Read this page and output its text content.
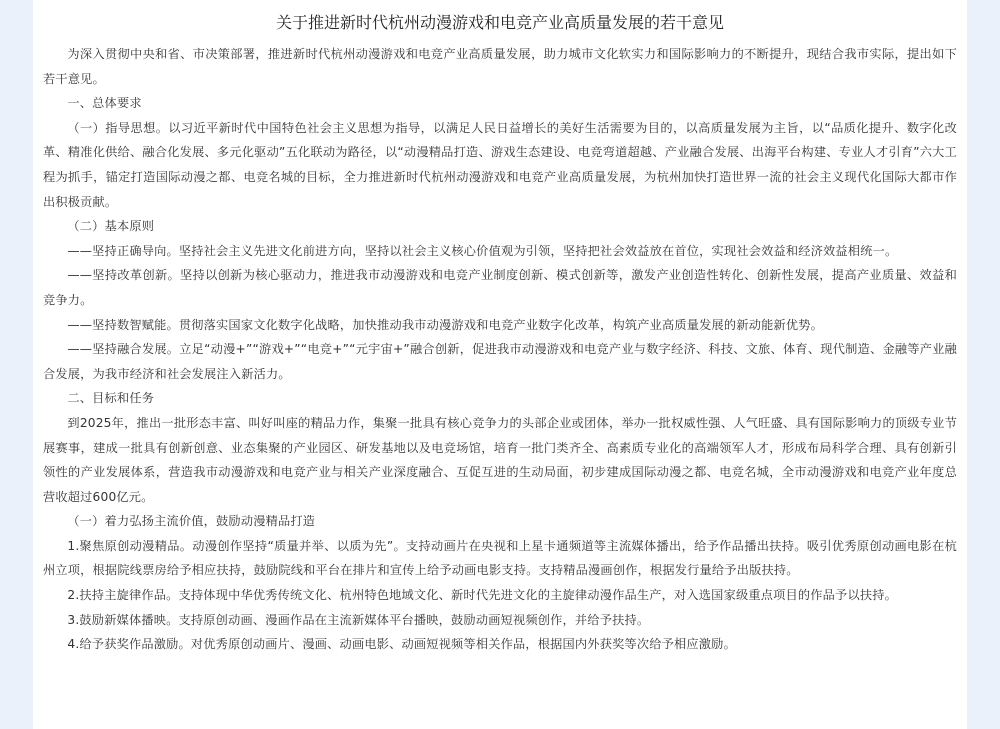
关于推进新时代杭州动漫游戏和电竞产业高质量发展的若干意见

为深入贯彻中央和省、市决策部署，推进新时代杭州动漫游戏和电竞产业高质量发展，助力城市文化软实力和国际影响力的不断提升，现结合我市实际，提出如下若干意见。

一、总体要求

（一）指导思想。以习近平新时代中国特色社会主义思想为指导，以满足人民日益增长的美好生活需要为目的，以高质量发展为主旨，以“品质化提升、数字化改革、精准化供给、融合化发展、多元化驱动”五化联动为路径，以“动漫精品打造、游戏生态建设、电竞弯道超越、产业融合发展、出海平台构建、专业人才引育”六大工程为抓手，锚定打造国际动漫之都、电竞名城的目标，全力推进新时代杭州动漫游戏和电竞产业高质量发展，为杭州加快打造世界一流的社会主义现代化国际大都市作出积极贡献。

（二）基本原则

——坚持正确导向。坚持社会主义先进文化前进方向，坚持以社会主义核心价值观为引领，坚持把社会效益放在首位，实现社会效益和经济效益相统一。

——坚持改革创新。坚持以创新为核心驱动力，推进我市动漫游戏和电竞产业制度创新、模式创新等，激发产业创造性转化、创新性发展，提高产业质量、效益和竞争力。

——坚持数智赋能。贯彻落实国家文化数字化战略，加快推动我市动漫游戏和电竞产业数字化改革，构筑产业高质量发展的新动能新优势。

——坚持融合发展。立足“动漫+”“游戏+”“电竞+”“元宇宙+”融合创新，促进我市动漫游戏和电竞产业与数字经济、科技、文旅、体育、现代制造、金融等产业融合发展，为我市经济和社会发展注入新活力。

二、目标和任务

到2025年，推出一批形态丰富、叫好叫座的精品力作，集聚一批具有核心竞争力的头部企业或团体，举办一批权威性强、人气旺盛、具有国际影响力的顶级专业节展赛事，建成一批具有创新创意、业态集聚的产业园区、研发基地以及电竞场馆，培育一批门类齐全、高素质专业化的高端领军人才，形成布局科学合理、具有创新引领性的产业发展体系，营造我市动漫游戏和电竞产业与相关产业深度融合、互促互进的生动局面，初步建成国际动漫之都、电竞名城，全市动漫游戏和电竞产业年度总营收超过600亿元。

（一）着力弘扬主流价值，鼓励动漫精品打造

1.聚焦原创动漫精品。动漫创作坚持“质量并举、以质为先”。支持动画片在央视和上星卡通频道等主流媒体播出，给予作品播出扶持。吸引优秀原创动画电影在杭州立项，根据院线票房给予相应扶持，鼓励院线和平台在排片和宣传上给予动画电影支持。支持精品漫画创作，根据发行量给予出版扶持。

2.扶持主旋律作品。支持体现中华优秀传统文化、杭州特色地域文化、新时代先进文化的主旋律动漫作品生产，对入选国家级重点项目的作品予以扶持。

3.鼓励新媒体播映。支持原创动画、漫画作品在主流新媒体平台播映，鼓励动画短视频创作，并给予扶持。

4.给予获奖作品激励。对优秀原创动画片、漫画、动画电影、动画短视频等相关作品，根据国内外获奖等次给予相应激励。
